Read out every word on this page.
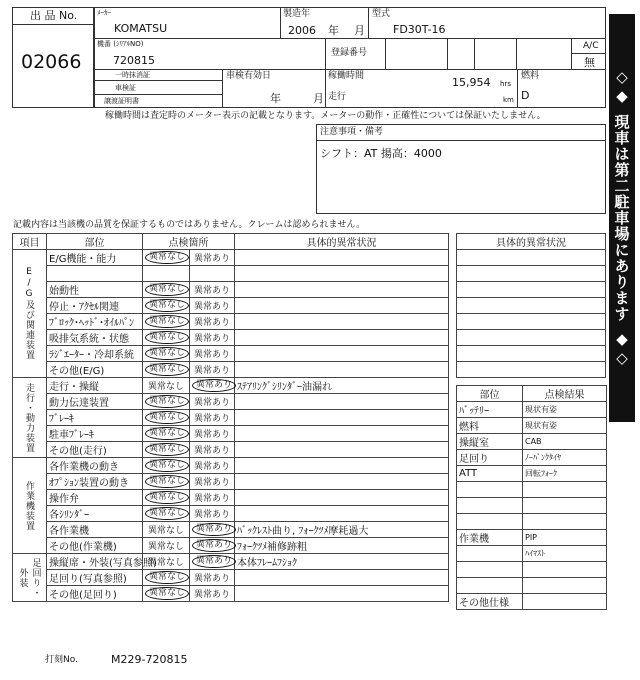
出 品 No.
02066
ﾒｰｶｰ
KOMATSU
製造年
2006 年 月
型式
FD30T-16
機番 (ｼﾘｱﾙNO)
720815
登録番号
A/C
無
一時抹消証
車検証
譲渡証明書
車検有効日
年	月
稼働時間
走行
15,954 hrs
km
燃料
D
稼働時間は査定時のメーター表示の記載となります。メーターの動作・正確性については保証いたしません。
注意事項・備考
シフト：AT 揚高：4000
記載内容は当該機の品質を保証するものではありません。クレームは認められません。
◇◆
現車は第二駐車場にあります
◆◇
項目	部位	点検箇所		具体的異常状況
E/G及び関連装置	E/G機能・能力	異常なし	異常あり	

	始動性	異常なし	異常あり	
	停止・ｱｸｾﾙ関連	異常なし	異常あり	
	ﾌﾞﾛｯｸ･ﾍｯﾄﾞ･ｵｲﾙﾊﾟﾝ	異常なし	異常あり	
	吸排気系統・状態	異常なし	異常あり	
	ﾗｼﾞｴｰﾀｰ・冷却系統	異常なし	異常あり	
	その他(E/G)	異常なし	異常あり	
走行・動力装置	走行・操縦	異常なし	異常あり	ｽﾃｱﾘﾝｸﾞｼﾘﾝﾀﾞｰ油漏れ
	動力伝達装置	異常なし	異常あり	
	ﾌﾞﾚｰｷ	異常なし	異常あり	
	駐車ﾌﾞﾚｰｷ	異常なし	異常あり	
	その他(走行)	異常なし	異常あり	
作業機装置	各作業機の動き	異常なし	異常あり	
	ｵﾌﾟｼｮﾝ装置の動き	異常なし	異常あり	
	操作弁	異常なし	異常あり	
	各ｼﾘﾝﾀﾞｰ	異常なし	異常あり	
	各作業機	異常なし	異常あり	ﾊﾞｯｸﾚｽﾄ曲り, ﾌｫｰｸﾂﾒ摩耗過大
	その他(作業機)	異常なし	異常あり	ﾌｫｰｸﾂﾒ補修跡粗
足回り・外装	操縦席・外装(写真参照)	異常なし	異常あり	本体ﾌﾚｰﾑﾌｼｮｸ
	足回り(写真参照)	異常なし	異常あり	
	その他(足回り)	異常なし	異常あり	
具体的異常状況

部位	点検結果
ﾊﾞｯﾃﾘｰ	現状有姿
燃料	現状有姿
操縦室	CAB
足回り	ﾉｰﾊﾟﾝｸﾀｲﾔ
ATT	回転ﾌｫｰｸ

作業機	PIP
	ﾊｲﾏｽﾄ

その他仕様	
打刻No.	M229-720815
